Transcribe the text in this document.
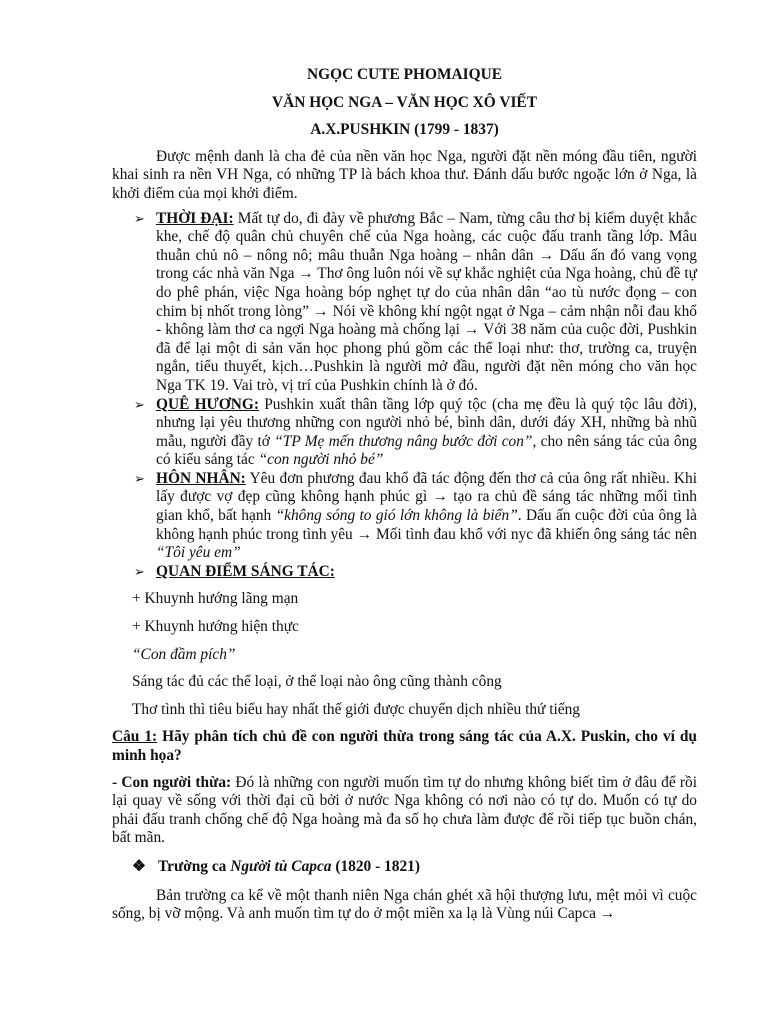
NGỌC CUTE PHOMAIQUE
VĂN HỌC NGA – VĂN HỌC XÔ VIẾT
A.X.PUSHKIN (1799 - 1837)

Được mệnh danh là cha đẻ của nền văn học Nga, người đặt nền móng đầu tiên, người khai sinh ra nền VH Nga, có những TP là bách khoa thư. Đánh dấu bước ngoặc lớn ở Nga, là khởi điểm của mọi khởi điểm.

➢ THỜI ĐẠI: Mất tự do, đi đày về phương Bắc – Nam, từng câu thơ bị kiểm duyệt khắc khe, chế độ quân chủ chuyên chế của Nga hoàng, các cuộc đấu tranh tầng lớp. Mâu thuẫn chủ nô – nông nô; mâu thuẫn Nga hoàng – nhân dân → Dấu ấn đó vang vọng trong các nhà văn Nga → Thơ ông luôn nói về sự khắc nghiệt của Nga hoàng, chủ đề tự do phê phán, việc Nga hoàng bóp nghẹt tự do của nhân dân “ao tù nước đọng – con chim bị nhốt trong lòng” → Nói về không khí ngột ngạt ở Nga – cảm nhận nỗi đau khổ - không làm thơ ca ngợi Nga hoàng mà chống lại → Với 38 năm của cuộc đời, Pushkin đã để lại một di sản văn học phong phú gồm các thể loại như: thơ, trường ca, truyện ngắn, tiểu thuyết, kịch…Pushkin là người mở đầu, người đặt nền móng cho văn học Nga TK 19. Vai trò, vị trí của Pushkin chính là ở đó.
➢ QUÊ HƯƠNG: Pushkin xuất thân tầng lớp quý tộc (cha mẹ đều là quý tộc lâu đời), nhưng lại yêu thương những con người nhỏ bé, bình dân, dưới đáy XH, những bà nhũ mẫu, người đầy tớ “TP Mẹ mến thương nâng bước đời con”, cho nên sáng tác của ông có kiểu sáng tác “con người nhỏ bé”
➢ HÔN NHÂN: Yêu đơn phương đau khổ đã tác động đến thơ cả của ông rất nhiều. Khi lấy được vợ đẹp cũng không hạnh phúc gì → tạo ra chủ đề sáng tác những mối tình gian khổ, bất hạnh “không sóng to gió lớn không là biển”. Dấu ấn cuộc đời của ông là không hạnh phúc trong tình yêu → Mối tình đau khổ với nyc đã khiến ông sáng tác nên “Tôi yêu em”
➢ QUAN ĐIỂM SÁNG TÁC:

+ Khuynh hướng lãng mạn

+ Khuynh hướng hiện thực

“Con đầm pích”

Sáng tác đủ các thể loại, ở thể loại nào ông cũng thành công

Thơ tình thì tiêu biểu hay nhất thế giới được chuyển dịch nhiều thứ tiếng

Câu 1: Hãy phân tích chủ đề con người thừa trong sáng tác của A.X. Puskin, cho ví dụ minh họa?

- Con người thừa: Đó là những con người muốn tìm tự do nhưng không biết tìm ở đâu để rồi lại quay về sống với thời đại cũ bởi ở nước Nga không có nơi nào có tự do. Muốn có tự do phải đấu tranh chống chế độ Nga hoàng mà đa số họ chưa làm được để rồi tiếp tục buồn chán, bất mãn.

❖ Trường ca Người tù Capca (1820 - 1821)

Bản trường ca kể về một thanh niên Nga chán ghét xã hội thượng lưu, mệt mỏi vì cuộc sống, bị vỡ mộng. Và anh muốn tìm tự do ở một miền xa lạ là Vùng núi Capca →
